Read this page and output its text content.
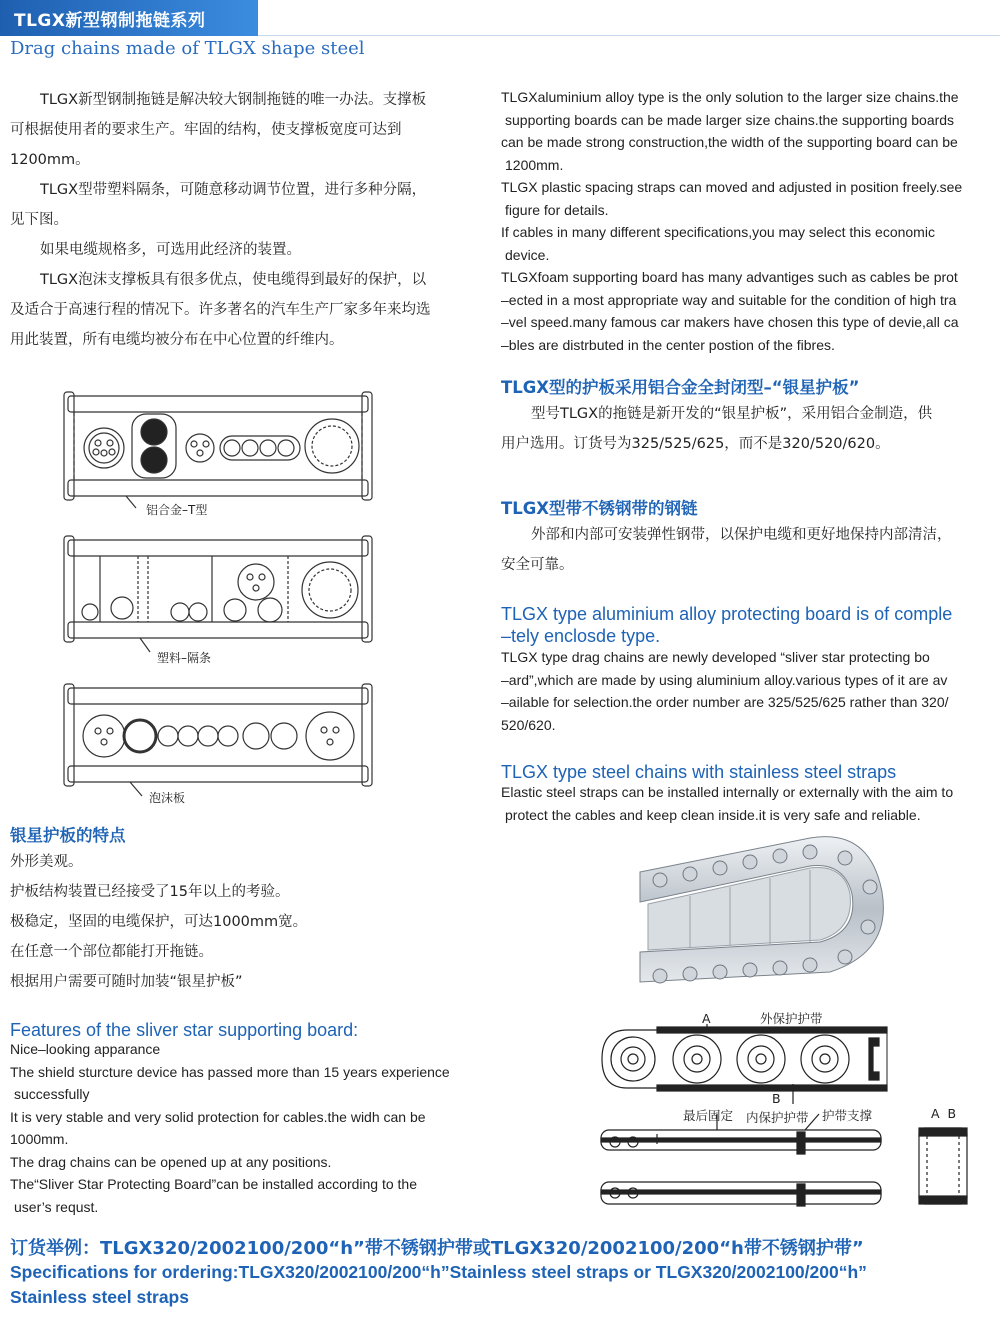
TLGX新型钢制拖链系列
Drag chains made of TLGX shape steel
TLGX新型钢制拖链是解决较大钢制拖链的唯一办法。支撑板
可根据使用者的要求生产。牢固的结构，使支撑板宽度可达到
1200mm。
TLGX型带塑料隔条，可随意移动调节位置，进行多种分隔，
见下图。
如果电缆规格多，可选用此经济的装置。
TLGX泡沫支撑板具有很多优点，使电缆得到最好的保护，以
及适合于高速行程的情况下。许多著名的汽车生产厂家多年来均选
用此装置，所有电缆均被分布在中心位置的纤维内。
TLGXaluminium alloy type is the only solution to the larger size chains.the
supporting boards can be made larger size chains.the supporting boards
can be made strong construction,the width of the supporting board can be
1200mm.
TLGX plastic spacing straps can moved and adjusted in position freely.see
figure for details.
If cables in many different specifications,you may select this economic
device.
TLGXfoam supporting board has many advantiges such as cables be prot
–ected in a most appropriate way and suitable for the condition of high tra
–vel speed.many famous car makers have chosen this type of devie,all ca
–bles are distrbuted in the center postion of the fibres.
铝合金–T型
塑料–隔条
泡沫板
TLGX型的护板采用铝合金全封闭型–“银星护板”
型号TLGX的拖链是新开发的“银星护板”，采用铝合金制造，供
用户选用。订货号为325/525/625，而不是320/520/620。
TLGX型带不锈钢带的钢链
外部和内部可安装弹性钢带，以保护电缆和更好地保持内部清洁，
安全可靠。
TLGX type aluminium alloy protecting board is of comple
–tely enclosde type.
TLGX type drag chains are newly developed “sliver star protecting bo
–ard”,which are made by using aluminium alloy.various types of it are av
–ailable for selection.the order number are 325/525/625 rather than 320/
520/620.
TLGX type steel chains with stainless steel straps
Elastic steel straps can be installed internally or externally with the aim to
protect the cables and keep clean inside.it is very safe and reliable.
A	外保护护带
B
最后固定 内保护护带 护带支撑	A  B
银星护板的特点
外形美观。
护板结构装置已经接受了15年以上的考验。
极稳定，坚固的电缆保护，可达1000mm宽。
在任意一个部位都能打开拖链。
根据用户需要可随时加装“银星护板”
Features of the sliver star supporting board:
Nice–looking apparance
The shield sturcture device has passed more than 15 years experience
successfully
It is very stable and very solid protection for cables.the widh can be
1000mm.
The drag chains can be opened up at any positions.
The“Sliver Star Protecting Board”can be installed according to the
user’s requst.
订货举例：TLGX320/2002100/200“h”带不锈钢护带或TLGX320/2002100/200“h带不锈钢护带”
Specifications for ordering:TLGX320/2002100/200“h”Stainless steel straps or TLGX320/2002100/200“h”
Stainless steel straps
